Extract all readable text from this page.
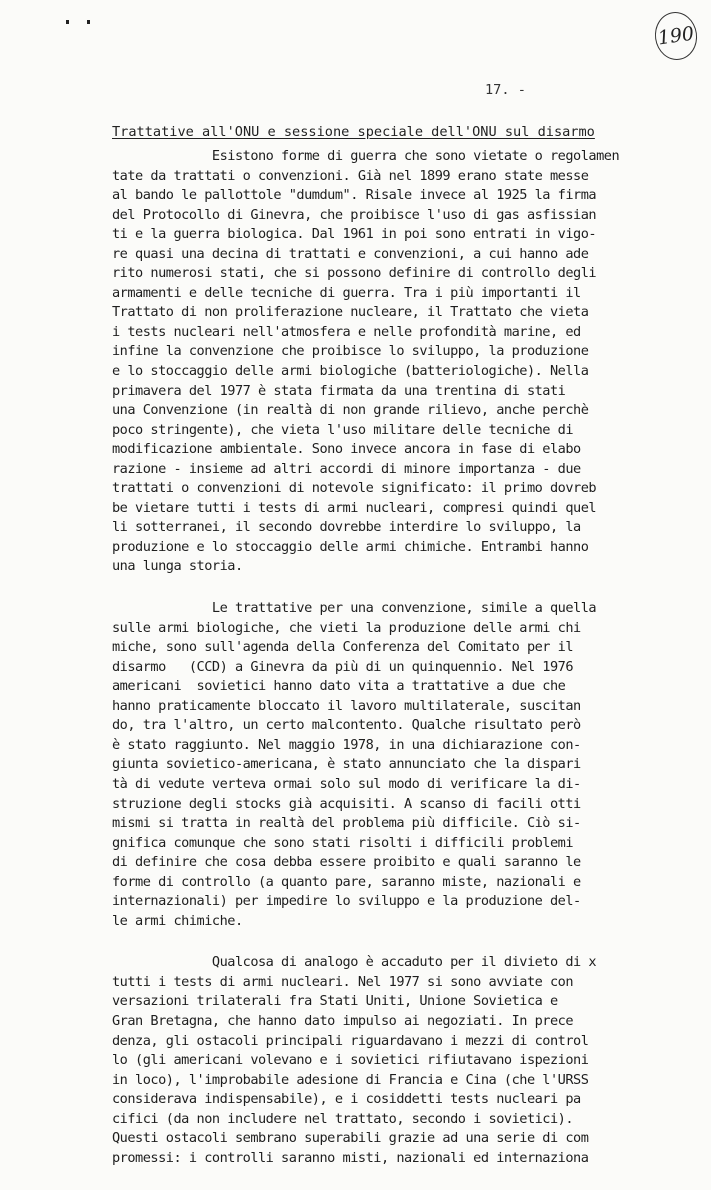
190
17. -
Trattative all'ONU e sessione speciale dell'ONU sul disarmo
Esistono forme di guerra che sono vietate o regolamen
tate da trattati o convenzioni. Già nel 1899 erano state messe
al bando le pallottole "dumdum". Risale invece al 1925 la firma
del Protocollo di Ginevra, che proibisce l'uso di gas asfissian
ti e la guerra biologica. Dal 1961 in poi sono entrati in vigo-
re quasi una decina di trattati e convenzioni, a cui hanno ade
rito numerosi stati, che si possono definire di controllo degli
armamenti e delle tecniche di guerra. Tra i più importanti il
Trattato di non proliferazione nucleare, il Trattato che vieta
i tests nucleari nell'atmosfera e nelle profondità marine, ed
infine la convenzione che proibisce lo sviluppo, la produzione
e lo stoccaggio delle armi biologiche (batteriologiche). Nella
primavera del 1977 è stata firmata da una trentina di stati
una Convenzione (in realtà di non grande rilievo, anche perchè
poco stringente), che vieta l'uso militare delle tecniche di
modificazione ambientale. Sono invece ancora in fase di elabo
razione - insieme ad altri accordi di minore importanza - due
trattati o convenzioni di notevole significato: il primo dovreb
be vietare tutti i tests di armi nucleari, compresi quindi quel
li sotterranei, il secondo dovrebbe interdire lo sviluppo, la
produzione e lo stoccaggio delle armi chimiche. Entrambi hanno
una lunga storia.
Le trattative per una convenzione, simile a quella
sulle armi biologiche, che vieti la produzione delle armi chi
miche, sono sull'agenda della Conferenza del Comitato per il
disarmo   (CCD) a Ginevra da più di un quinquennio. Nel 1976
americani  sovietici hanno dato vita a trattative a due che
hanno praticamente bloccato il lavoro multilaterale, suscitan
do, tra l'altro, un certo malcontento. Qualche risultato però
è stato raggiunto. Nel maggio 1978, in una dichiarazione con-
giunta sovietico-americana, è stato annunciato che la dispari
tà di vedute verteva ormai solo sul modo di verificare la di-
struzione degli stocks già acquisiti. A scanso di facili otti
mismi si tratta in realtà del problema più difficile. Ciò si-
gnifica comunque che sono stati risolti i difficili problemi
di definire che cosa debba essere proibito e quali saranno le
forme di controllo (a quanto pare, saranno miste, nazionali e
internazionali) per impedire lo sviluppo e la produzione del-
le armi chimiche.
Qualcosa di analogo è accaduto per il divieto di x
tutti i tests di armi nucleari. Nel 1977 si sono avviate con
versazioni trilaterali fra Stati Uniti, Unione Sovietica e
Gran Bretagna, che hanno dato impulso ai negoziati. In prece
denza, gli ostacoli principali riguardavano i mezzi di control
lo (gli americani volevano e i sovietici rifiutavano ispezioni
in loco), l'improbabile adesione di Francia e Cina (che l'URSS
considerava indispensabile), e i cosiddetti tests nucleari pa
cifici (da non includere nel trattato, secondo i sovietici).
Questi ostacoli sembrano superabili grazie ad una serie di com
promessi: i controlli saranno misti, nazionali ed internaziona
